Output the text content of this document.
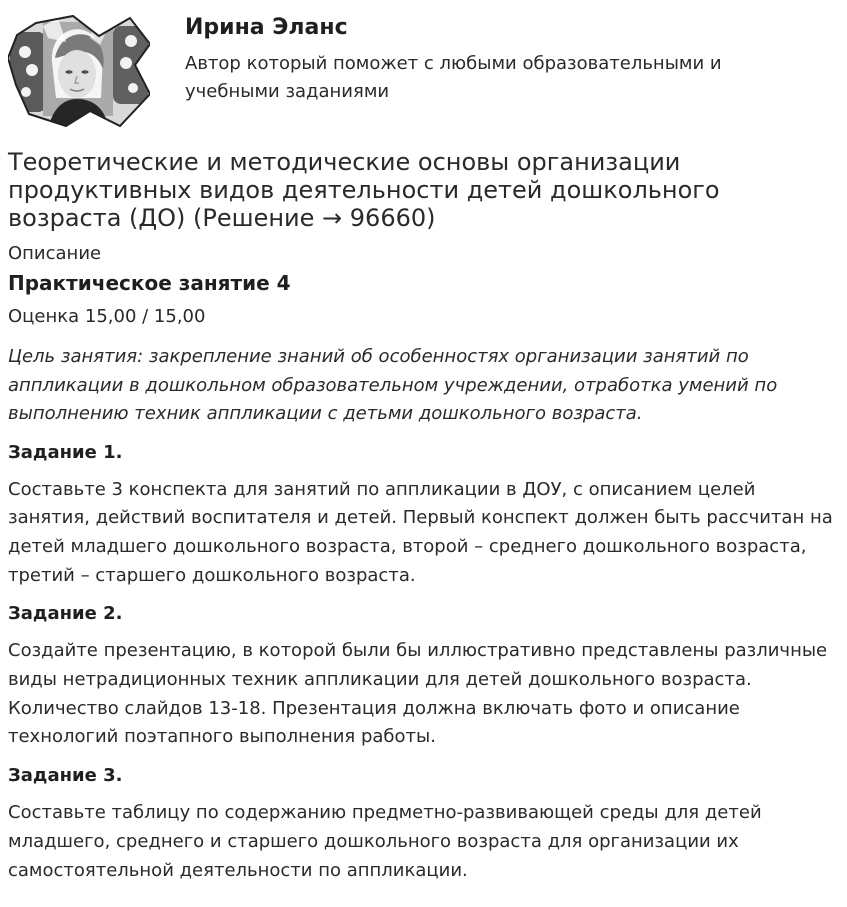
Ирина Эланс
Автор который поможет с любыми образовательными и учебными заданиями
Теоретические и методические основы организации продуктивных видов деятельности детей дошкольного возраста (ДО) (Решение → 96660)
Описание
Практическое занятие 4
Оценка 15,00 / 15,00
Цель занятия: закрепление знаний об особенностях организации занятий по аппликации в дошкольном образовательном учреждении, отработка умений по выполнению техник аппликации с детьми дошкольного возраста.
Задание 1.
Составьте 3 конспекта для занятий по аппликации в ДОУ, с описанием целей занятия, действий воспитателя и детей. Первый конспект должен быть рассчитан на детей младшего дошкольного возраста, второй – среднего дошкольного возраста, третий – старшего дошкольного возраста.
Задание 2.
Создайте презентацию, в которой были бы иллюстративно представлены различные виды нетрадиционных техник аппликации для детей дошкольного возраста. Количество слайдов 13-18. Презентация должна включать фото и описание технологий поэтапного выполнения работы.
Задание 3.
Составьте таблицу по содержанию предметно-развивающей среды для детей младшего, среднего и старшего дошкольного возраста для организации их самостоятельной деятельности по аппликации.
